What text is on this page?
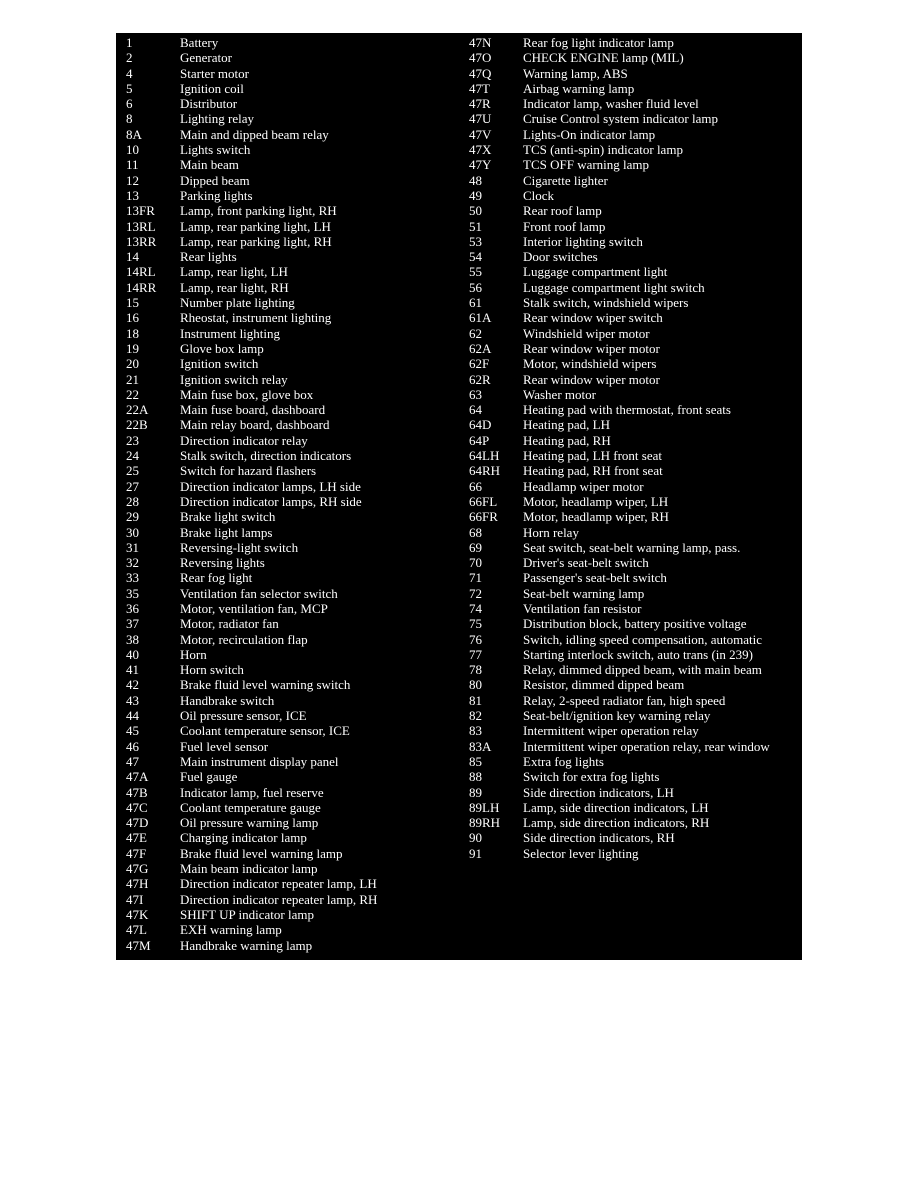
1	Battery
2	Generator
4	Starter motor
5	Ignition coil
6	Distributor
8	Lighting relay
8A	Main and dipped beam relay
10	Lights switch
11	Main beam
12	Dipped beam
13	Parking lights
13FR Lamp, front parking light, RH
13RL Lamp, rear parking light, LH
13RR Lamp, rear parking light, RH
14	Rear lights
14RL Lamp, rear light, LH
14RR Lamp, rear light, RH
15	Number plate lighting
16	Rheostat, instrument lighting
18	Instrument lighting
19	Glove box lamp
20	Ignition switch
21	Ignition switch relay
22	Main fuse box, glove box
22A Main fuse board, dashboard
22B Main relay board, dashboard
23	Direction indicator relay
24	Stalk switch, direction indicators
25	Switch for hazard flashers
27	Direction indicator lamps, LH side
28	Direction indicator lamps, RH side
29	Brake light switch
30	Brake light lamps
31	Reversing-light switch
32	Reversing lights
33	Rear fog light
35	Ventilation fan selector switch
36	Motor, ventilation fan, MCP
37	Motor, radiator fan
38	Motor, recirculation flap
40	Horn
41	Horn switch
42	Brake fluid level warning switch
43	Handbrake switch
44	Oil pressure sensor, ICE
45	Coolant temperature sensor, ICE
46	Fuel level sensor
47	Main instrument display panel
47A Fuel gauge
47B Indicator lamp, fuel reserve
47C Coolant temperature gauge
47D Oil pressure warning lamp
47E	Charging indicator lamp
47F	Brake fluid level warning lamp
47G Main beam indicator lamp
47H Direction indicator repeater lamp, LH
47I	Direction indicator repeater lamp, RH
47K SHIFT UP indicator lamp
47L	EXH warning lamp
47M Handbrake warning lamp
47N Rear fog light indicator lamp
47O CHECK ENGINE lamp (MIL)
47Q Warning lamp, ABS
47T	Airbag warning lamp
47R Indicator lamp, washer fluid level
47U Cruise Control system indicator lamp
47V Lights-On indicator lamp
47X TCS (anti-spin) indicator lamp
47Y TCS OFF warning lamp
48	Cigarette lighter
49	Clock
50	Rear roof lamp
51	Front roof lamp
53	Interior lighting switch
54	Door switches
55	Luggage compartment light
56	Luggage compartment light switch
61	Stalk switch, windshield wipers
61A Rear window wiper switch
62	Windshield wiper motor
62A Rear window wiper motor
62F	Motor, windshield wipers
62R Rear window wiper motor
63	Washer motor
64	Heating pad with thermostat, front seats
64D Heating pad, LH
64P	Heating pad, RH
64LH Heating pad, LH front seat
64RH Heating pad, RH front seat
66	Headlamp wiper motor
66FL Motor, headlamp wiper, LH
66FR Motor, headlamp wiper, RH
68	Horn relay
69	Seat switch, seat-belt warning lamp, pass.
70	Driver's seat-belt switch
71	Passenger's seat-belt switch
72	Seat-belt warning lamp
74	Ventilation fan resistor
75	Distribution block, battery positive voltage
76	Switch, idling speed compensation, automatic
77	Starting interlock switch, auto trans (in 239)
78	Relay, dimmed dipped beam, with main beam
80	Resistor, dimmed dipped beam
81	Relay, 2-speed radiator fan, high speed
82	Seat-belt/ignition key warning relay
83	Intermittent wiper operation relay
83A Intermittent wiper operation relay, rear window
85	Extra fog lights
88	Switch for extra fog lights
89	Side direction indicators, LH
89LH Lamp, side direction indicators, LH
89RH Lamp, side direction indicators, RH
90	Side direction indicators, RH
91	Selector lever lighting
